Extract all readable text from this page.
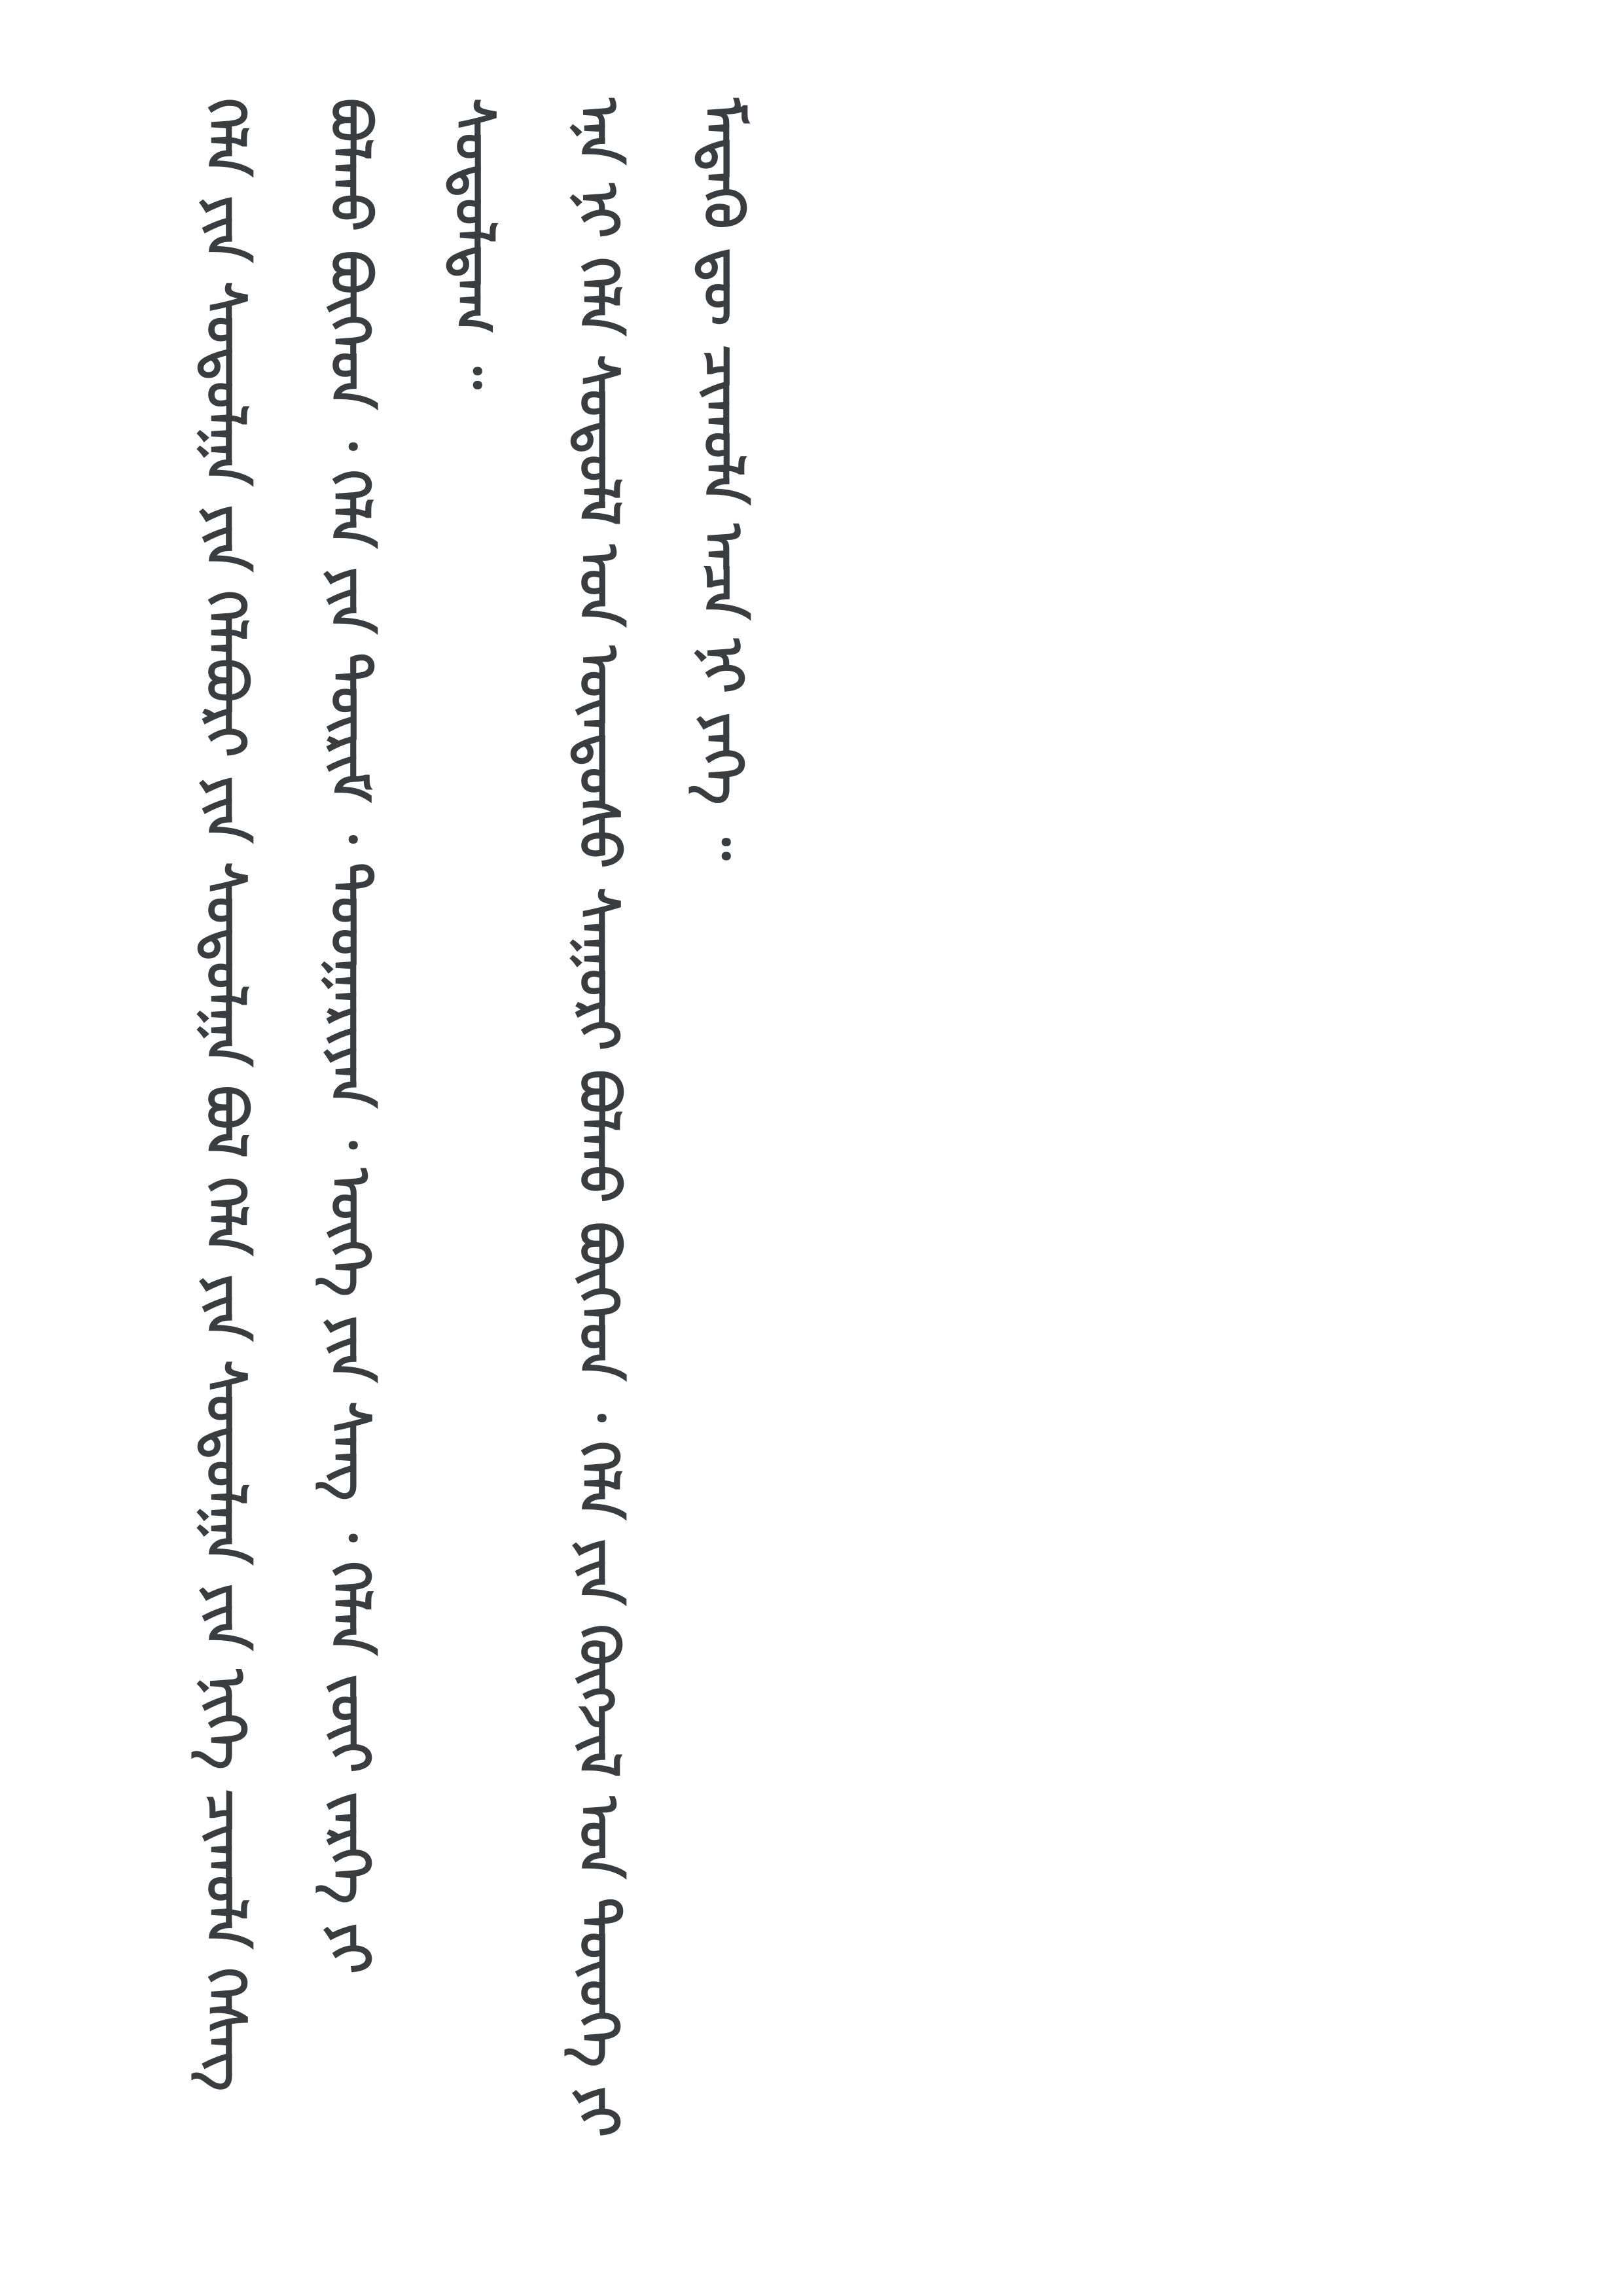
ᠬᠡᠯᠡ ᠶᠢᠨ ᠰᠤᠳᠤᠯᠭᠠ ᠶᠢᠨ ᠬᠡᠯᠡᠪᠦᠷᠢ ᠶᠢᠨ ᠰᠤᠳᠤᠯᠭᠠ ᠪᠣᠯ ᠬᠡᠯᠡ ᠶᠢᠨ ᠰᠤᠳᠤᠯᠭᠠ ᠶᠢᠨ ᠨᠢᠭᠡ ᠴᠢᠬᠤᠯᠠ ᠬᠡᠰᠡᠭ ᠪᠣᠯᠬᠤ ᠪᠥᠭᠡᠳ ᠂ ᠬᠡᠯᠡ ᠶᠢᠨ ᠳᠦᠷᠢᠮ ᠂ ᠳᠤᠤᠭᠠᠷᠢᠶᠠᠨ ᠂ ᠦᠭᠡ ᠶᠢᠨ ᠰᠠᠩ ᠂ ᠬᠡᠯᠡᠨ ᠵᠦᠢ ᠵᠡᠷᠭᠡ ᠶᠢ ᠰᠤᠳᠤᠯᠳᠠᠭ ᠃	ᠡᠨᠡ ᠨᠢ ᠬᠡᠯᠡ ᠰᠤᠳᠤᠯᠯ ᠤᠨ ᠦᠨᠳᠦᠰᠦ ᠰᠠᠭᠤᠷᠢ ᠪᠣᠯᠬᠤ ᠪᠥᠭᠡᠳ ᠂ ᠬᠡᠯᠡ ᠶᠢᠨ ᠬᠥᠭᠵᠢᠯ ᠤᠨ ᠲᠦᠦᠬᠡ ᠶᠢ ᠮᠡᠳᠡᠬᠦ ᠳᠦ ᠴᠢᠬᠤᠯᠠ ᠠᠴᠠ ᠨᠢ ᠶᠡᠬᠡ ᠃
